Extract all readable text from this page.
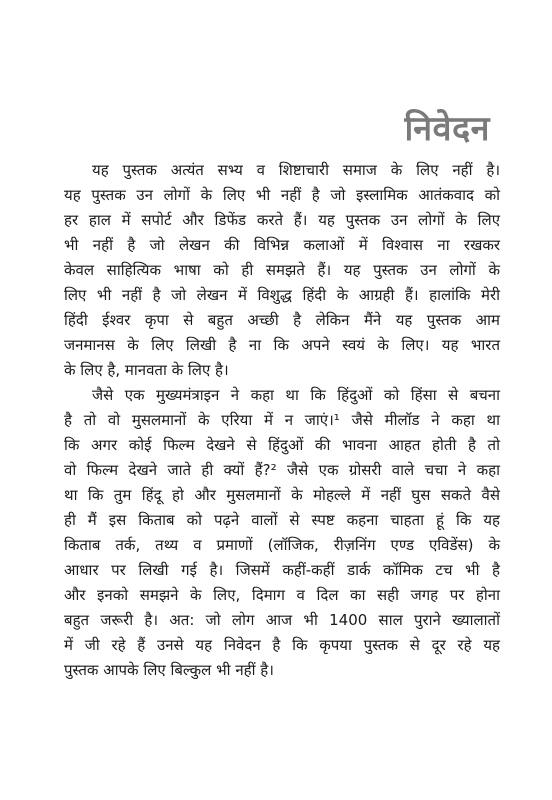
निवेदन
यह पुस्तक अत्यंत सभ्य व शिष्टाचारी समाज के लिए नहीं है।
यह पुस्तक उन लोगों के लिए भी नहीं है जो इस्लामिक आतंकवाद को
हर हाल में सपोर्ट और डिफेंड करते हैं। यह पुस्तक उन लोगों के लिए
भी नहीं है जो लेखन की विभिन्न कलाओं में विश्वास ना रखकर
केवल साहित्यिक भाषा को ही समझते हैं। यह पुस्तक उन लोगों के
लिए भी नहीं है जो लेखन में विशुद्ध हिंदी के आग्रही हैं। हालांकि मेरी
हिंदी ईश्वर कृपा से बहुत अच्छी है लेकिन मैंने यह पुस्तक आम
जनमानस के लिए लिखी है ना कि अपने स्वयं के लिए। यह भारत
के लिए है, मानवता के लिए है।
जैसे एक मुख्यमंत्राइन ने कहा था कि हिंदुओं को हिंसा से बचना
है तो वो मुसलमानों के एरिया में न जाएं।¹ जैसे मीलॉड ने कहा था
कि अगर कोई फिल्म देखने से हिंदुओं की भावना आहत होती है तो
वो फिल्म देखने जाते ही क्यों हैं?² जैसे एक ग्रोसरी वाले चचा ने कहा
था कि तुम हिंदू हो और मुसलमानों के मोहल्ले में नहीं घुस सकते वैसे
ही मैं इस किताब को पढ़ने वालों से स्पष्ट कहना चाहता हूं कि यह
किताब तर्क, तथ्य व प्रमाणों (लॉजिक, रीज़निंग एण्ड एविडेंस) के
आधार पर लिखी गई है। जिसमें कहीं-कहीं डार्क कॉमिक टच भी है
और इनको समझने के लिए, दिमाग व दिल का सही जगह पर होना
बहुत जरूरी है। अत: जो लोग आज भी 1400 साल पुराने ख्यालातों
में जी रहे हैं उनसे यह निवेदन है कि कृपया पुस्तक से दूर रहे यह
पुस्तक आपके लिए बिल्कुल भी नहीं है।
